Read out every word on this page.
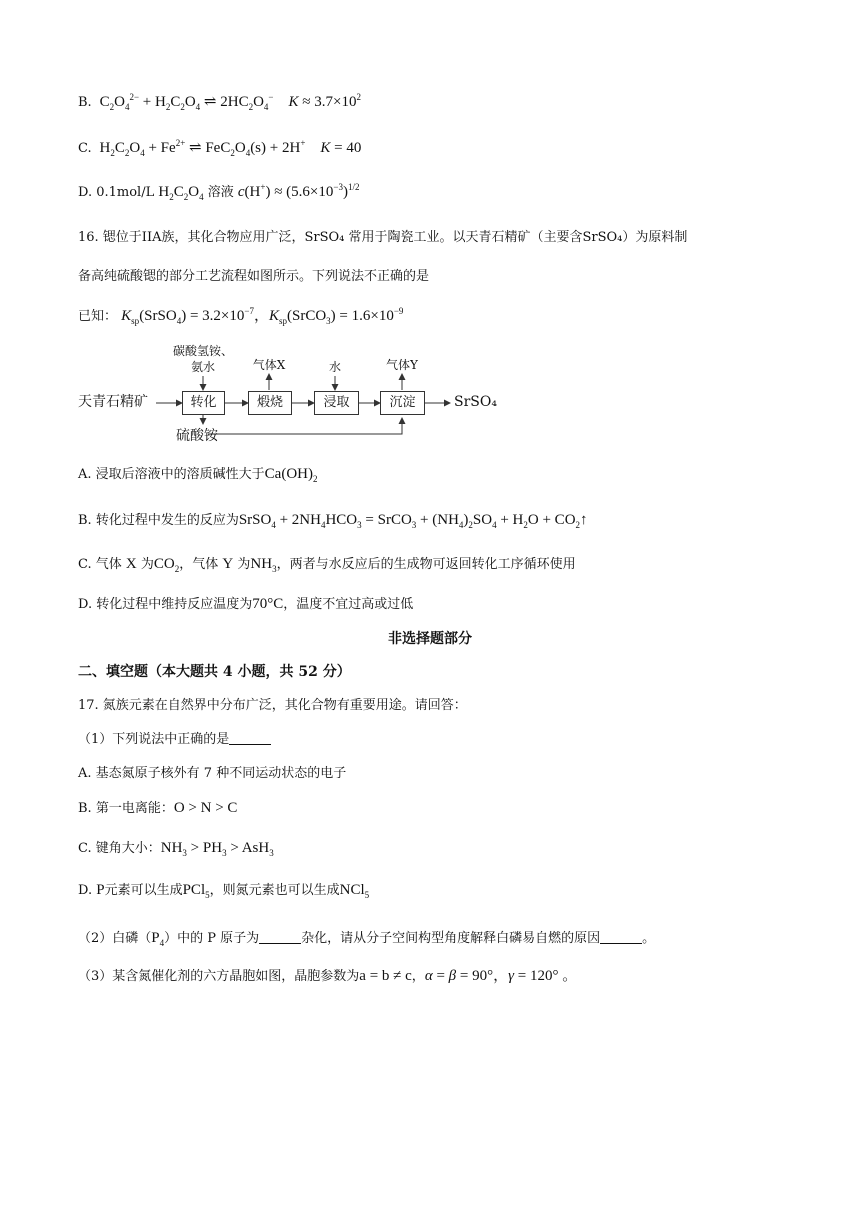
B.  $C_2O_4^{2-} + H_2C_2O_4$ ⇌ $2HC_2O_4^-$ $K \approx 3.7\times 10^2$
C.  $H_2C_2O_4 + Fe^{2+}$ ⇌ $FeC_2O_4(s) + 2H^+$ K = 40
D. 0.1mol/L $H_2C_2O_4$ 溶液 $c(H^+) \approx (5.6\times 10^{-3})^{1/2}$
16. 锶位于IIA族，其化合物应用广泛，SrSO₄ 常用于陶瓷工业。以天青石精矿（主要含SrSO₄）为原料制
备高纯硫酸锶的部分工艺流程如图所示。下列说法不正确的是
已知： $K_{sp}(SrSO_4) = 3.2\times 10^{-7}$，$K_{sp}(SrCO_3) = 1.6\times 10^{-9}$
天青石精矿
碳酸氢铵、
氨水
转化
气体X
煅烧
水
浸取
气体Y
沉淀	SrSO₄
硫酸铵
A. 浸取后溶液中的溶质碱性大于$Ca(OH)_2$
B. 转化过程中发生的反应为SrSO$_4$ + $2NH_4HCO_3$ = SrCO$_3$ + $(NH_4)_2SO_4 + H_2O$ + $CO_2↑$
C. 气体 X 为$CO_2$，气体 Y 为$NH_3$，两者与水反应后的生成物可返回转化工序循环使用
D. 转化过程中维持反应温度为70°C，温度不宜过高或过低
非选择题部分
二、填空题（本大题共 4 小题，共 52 分）
17. 氮族元素在自然界中分布广泛，其化合物有重要用途。请回答：
（1）下列说法中正确的是
A. 基态氮原子核外有 7 种不同运动状态的电子
B. 第一电离能：O > N > C
C. 键角大小：$NH_3 > PH_3 > AsH_3$
D. P元素可以生成PCl$_5$，则氮元素也可以生成NCl$_5$
（2）白磷$(P_4)$中的 P 原子为	杂化，请从分子空间构型角度解释白磷易自燃的原因	。
（3）某含氮催化剂的六方晶胞如图，晶胞参数为a = b ≠ c，α = β = 90°，γ = 120° 。
